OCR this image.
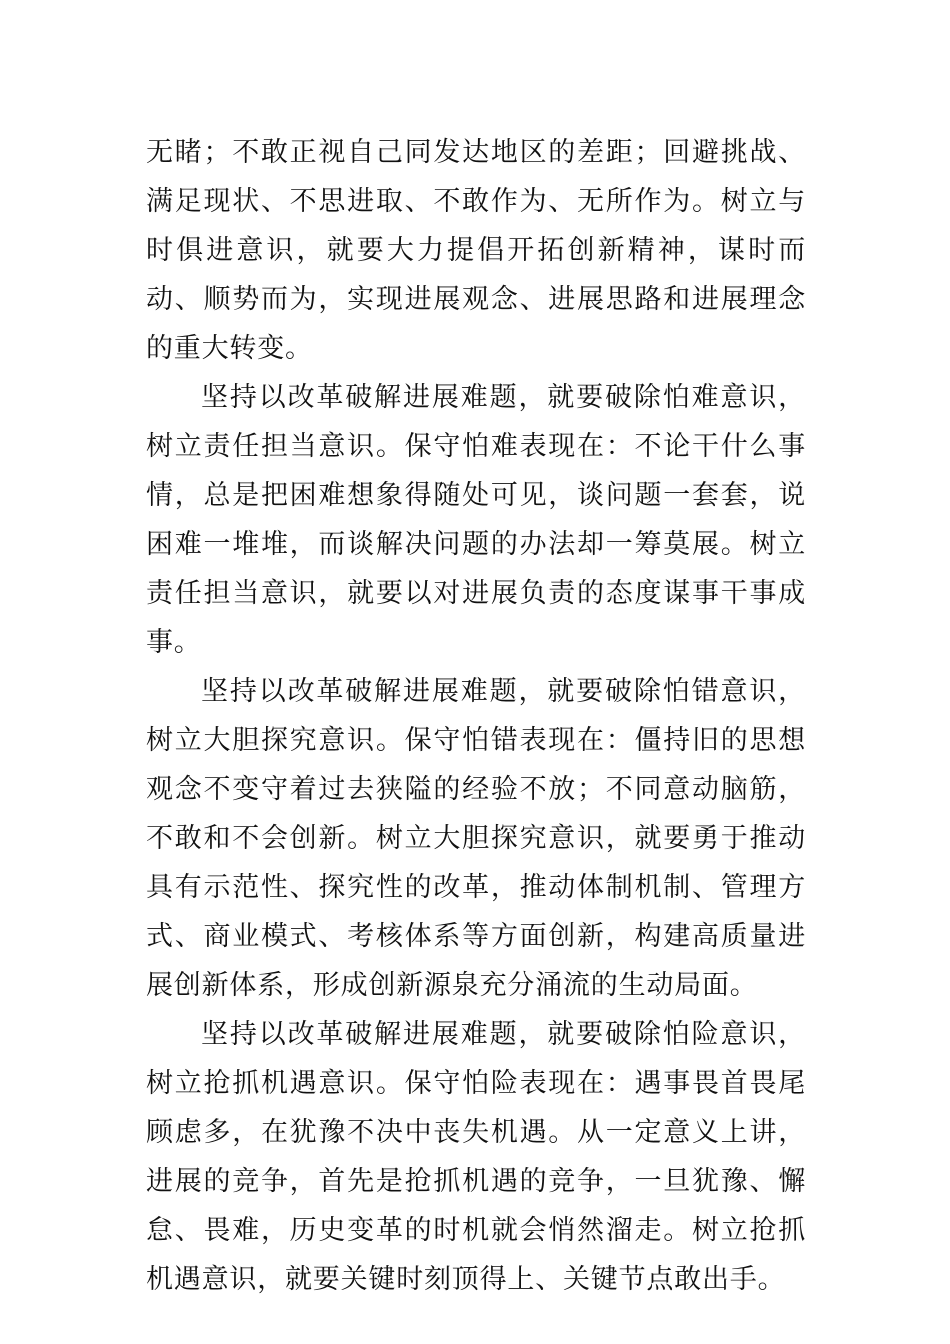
无睹；不敢正视自己同发达地区的差距；回避挑战、满足现状、不思进取、不敢作为、无所作为。树立与时俱进意识，就要大力提倡开拓创新精神，谋时而动、顺势而为，实现进展观念、进展思路和进展理念的重大转变。

坚持以改革破解进展难题，就要破除怕难意识，树立责任担当意识。保守怕难表现在：不论干什么事情，总是把困难想象得随处可见，谈问题一套套，说困难一堆堆，而谈解决问题的办法却一筹莫展。树立责任担当意识，就要以对进展负责的态度谋事干事成事。

坚持以改革破解进展难题，就要破除怕错意识，树立大胆探究意识。保守怕错表现在：僵持旧的思想观念不变守着过去狭隘的经验不放；不同意动脑筋，不敢和不会创新。树立大胆探究意识，就要勇于推动具有示范性、探究性的改革，推动体制机制、管理方式、商业模式、考核体系等方面创新，构建高质量进展创新体系，形成创新源泉充分涌流的生动局面。

坚持以改革破解进展难题，就要破除怕险意识，树立抢抓机遇意识。保守怕险表现在：遇事畏首畏尾顾虑多，在犹豫不决中丧失机遇。从一定意义上讲，进展的竞争，首先是抢抓机遇的竞争，一旦犹豫、懈怠、畏难，历史变革的时机就会悄然溜走。树立抢抓机遇意识，就要关键时刻顶得上、关键节点敢出手。
